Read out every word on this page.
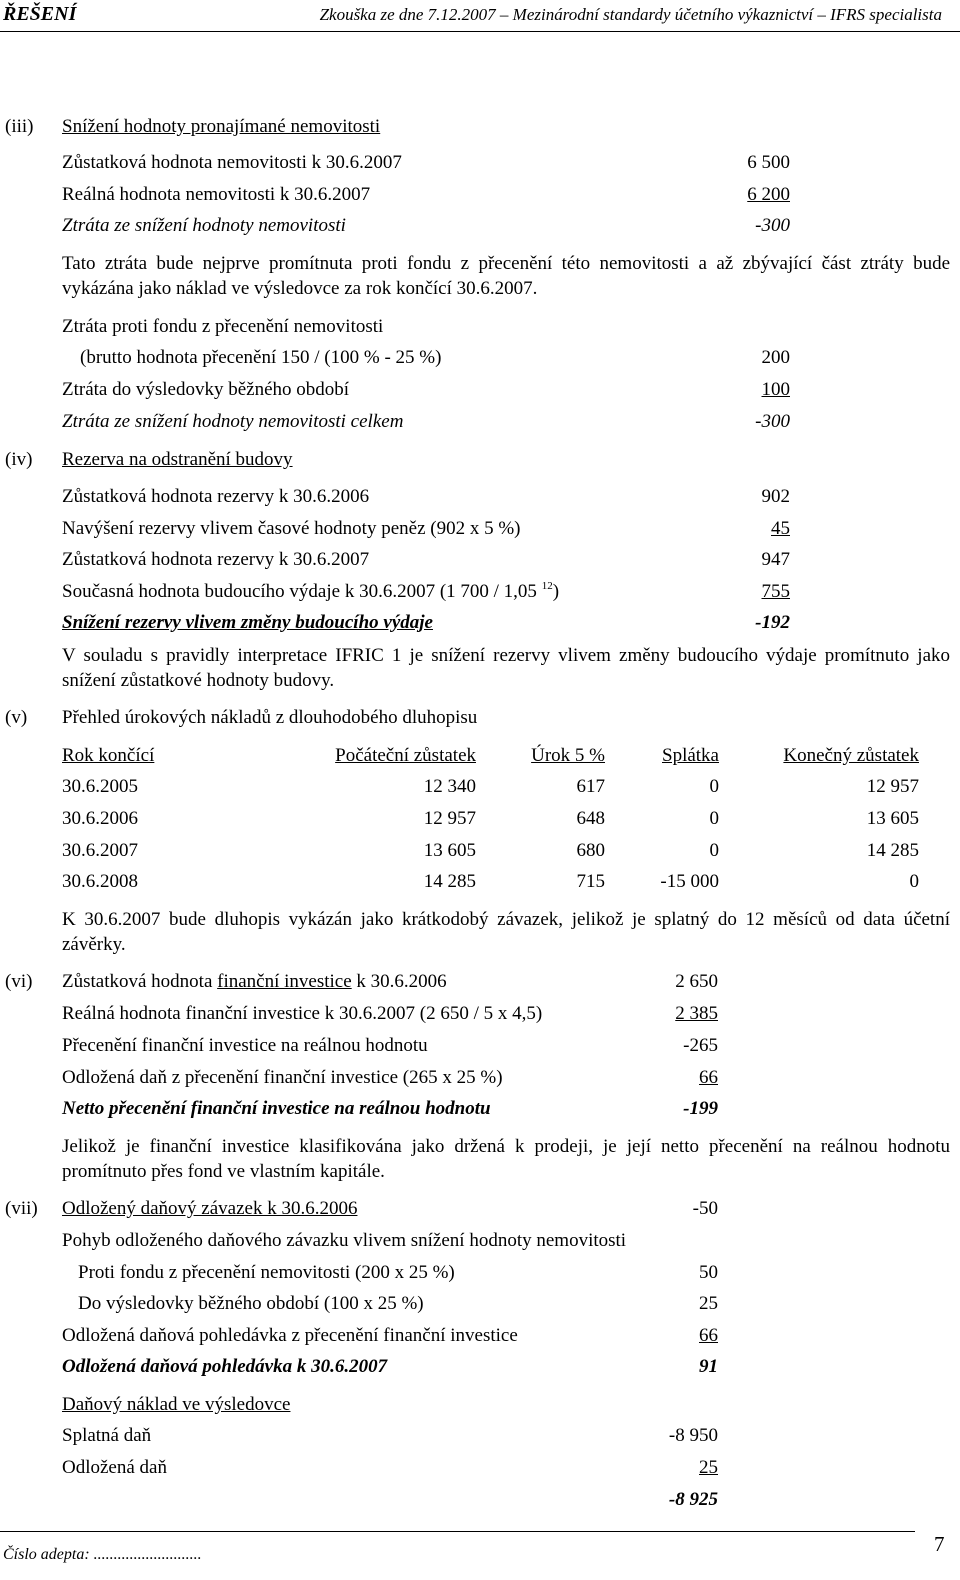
ŘEŠENÍ	Zkouška ze dne 7.12.2007 – Mezinárodní standardy účetního výkaznictví – IFRS specialista
(iii) Snížení hodnoty pronajímané nemovitosti
Zůstatková hodnota nemovitosti k 30.6.2007	6 500
Reálná hodnota nemovitosti k 30.6.2007	6 200
Ztráta ze snížení hodnoty nemovitosti	-300
Tato ztráta bude nejprve promítnuta proti fondu z přecenění této nemovitosti a až zbývající část ztráty bude vykázána jako náklad ve výsledovce za rok končící 30.6.2007.
Ztráta proti fondu z přecenění nemovitosti
(brutto hodnota přecenění 150 / (100 % - 25 %)	200
Ztráta do výsledovky běžného období	100
Ztráta ze snížení hodnoty nemovitosti celkem	-300
(iv) Rezerva na odstranění budovy
Zůstatková hodnota rezervy k 30.6.2006	902
Navýšení rezervy vlivem časové hodnoty peněz (902 x 5 %)	45
Zůstatková hodnota rezervy k 30.6.2007	947
Současná hodnota budoucího výdaje k 30.6.2007 (1 700 / 1,05 $^{12}$)	755
Snížení rezervy vlivem změny budoucího výdaje	-192
V souladu s pravidly interpretace IFRIC 1 je snížení rezervy vlivem změny budoucího výdaje promítnuto jako snížení zůstatkové hodnoty budovy.
(v) Přehled úrokových nákladů z dlouhodobého dluhopisu
Rok končící	Počáteční zůstatek	Úrok 5 %	Splátka	Konečný zůstatek
30.6.2005	12 340	617	0	12 957
30.6.2006	12 957	648	0	13 605
30.6.2007	13 605	680	0	14 285
30.6.2008	14 285	715	-15 000	0
K 30.6.2007 bude dluhopis vykázán jako krátkodobý závazek, jelikož je splatný do 12 měsíců od data účetní závěrky.
(vi) Zůstatková hodnota finanční investice k 30.6.2006	2 650
Reálná hodnota finanční investice k 30.6.2007 (2 650 / 5 x 4,5)	2 385
Přecenění finanční investice na reálnou hodnotu	-265
Odložená daň z přecenění finanční investice (265 x 25 %)	66
Netto přecenění finanční investice na reálnou hodnotu	-199
Jelikož je finanční investice klasifikována jako držená k prodeji, je její netto přecenění na reálnou hodnotu promítnuto přes fond ve vlastním kapitále.
(vii) Odložený daňový závazek k 30.6.2006	-50
Pohyb odloženého daňového závazku vlivem snížení hodnoty nemovitosti
Proti fondu z přecenění nemovitosti (200 x 25 %)	50
Do výsledovky běžného období (100 x 25 %)	25
Odložená daňová pohledávka z přecenění finanční investice	66
Odložená daňová pohledávka k 30.6.2007	91
Daňový náklad ve výsledovce
Splatná daň	-8 950
Odložená daň	25
-8 925
Číslo adepta: ...........................	7
